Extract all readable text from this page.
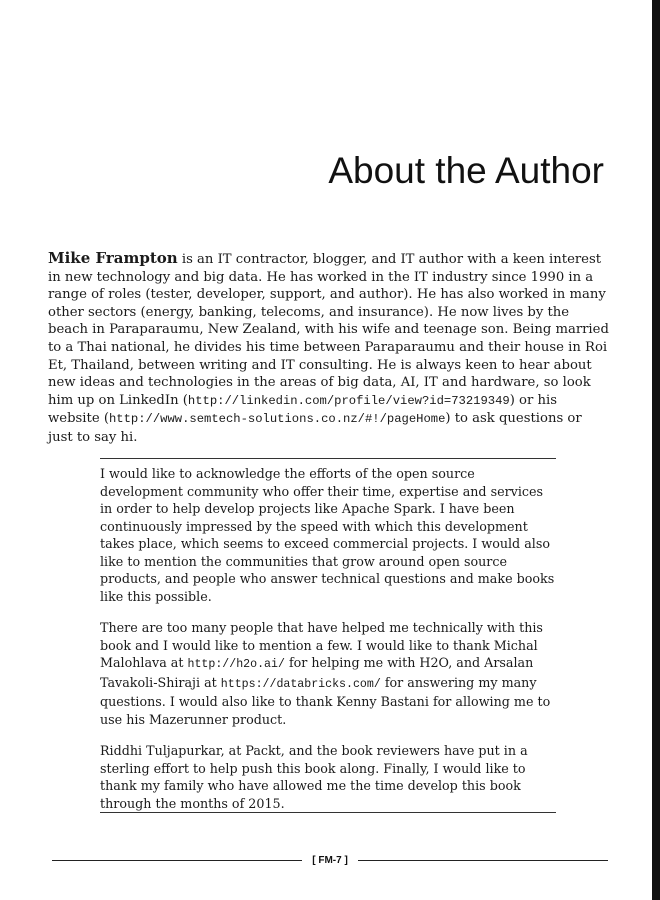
About the Author

Mike Frampton is an IT contractor, blogger, and IT author with a keen interest in new technology and big data. He has worked in the IT industry since 1990 in a range of roles (tester, developer, support, and author). He has also worked in many other sectors (energy, banking, telecoms, and insurance). He now lives by the beach in Paraparaumu, New Zealand, with his wife and teenage son. Being married to a Thai national, he divides his time between Paraparaumu and their house in Roi Et, Thailand, between writing and IT consulting. He is always keen to hear about new ideas and technologies in the areas of big data, AI, IT and hardware, so look him up on LinkedIn (http://linkedin.com/profile/view?id=73219349) or his website (http://www.semtech-solutions.co.nz/#!/pageHome) to ask questions or just to say hi.

I would like to acknowledge the efforts of the open source development community who offer their time, expertise and services in order to help develop projects like Apache Spark. I have been continuously impressed by the speed with which this development takes place, which seems to exceed commercial projects. I would also like to mention the communities that grow around open source products, and people who answer technical questions and make books like this possible.

There are too many people that have helped me technically with this book and I would like to mention a few. I would like to thank Michal Malohlava at http://h2o.ai/ for helping me with H2O, and Arsalan Tavakoli-Shiraji at https://databricks.com/ for answering my many questions. I would also like to thank Kenny Bastani for allowing me to use his Mazerunner product.

Riddhi Tuljapurkar, at Packt, and the book reviewers have put in a sterling effort to help push this book along. Finally, I would like to thank my family who have allowed me the time develop this book through the months of 2015.

[ FM-7 ]
